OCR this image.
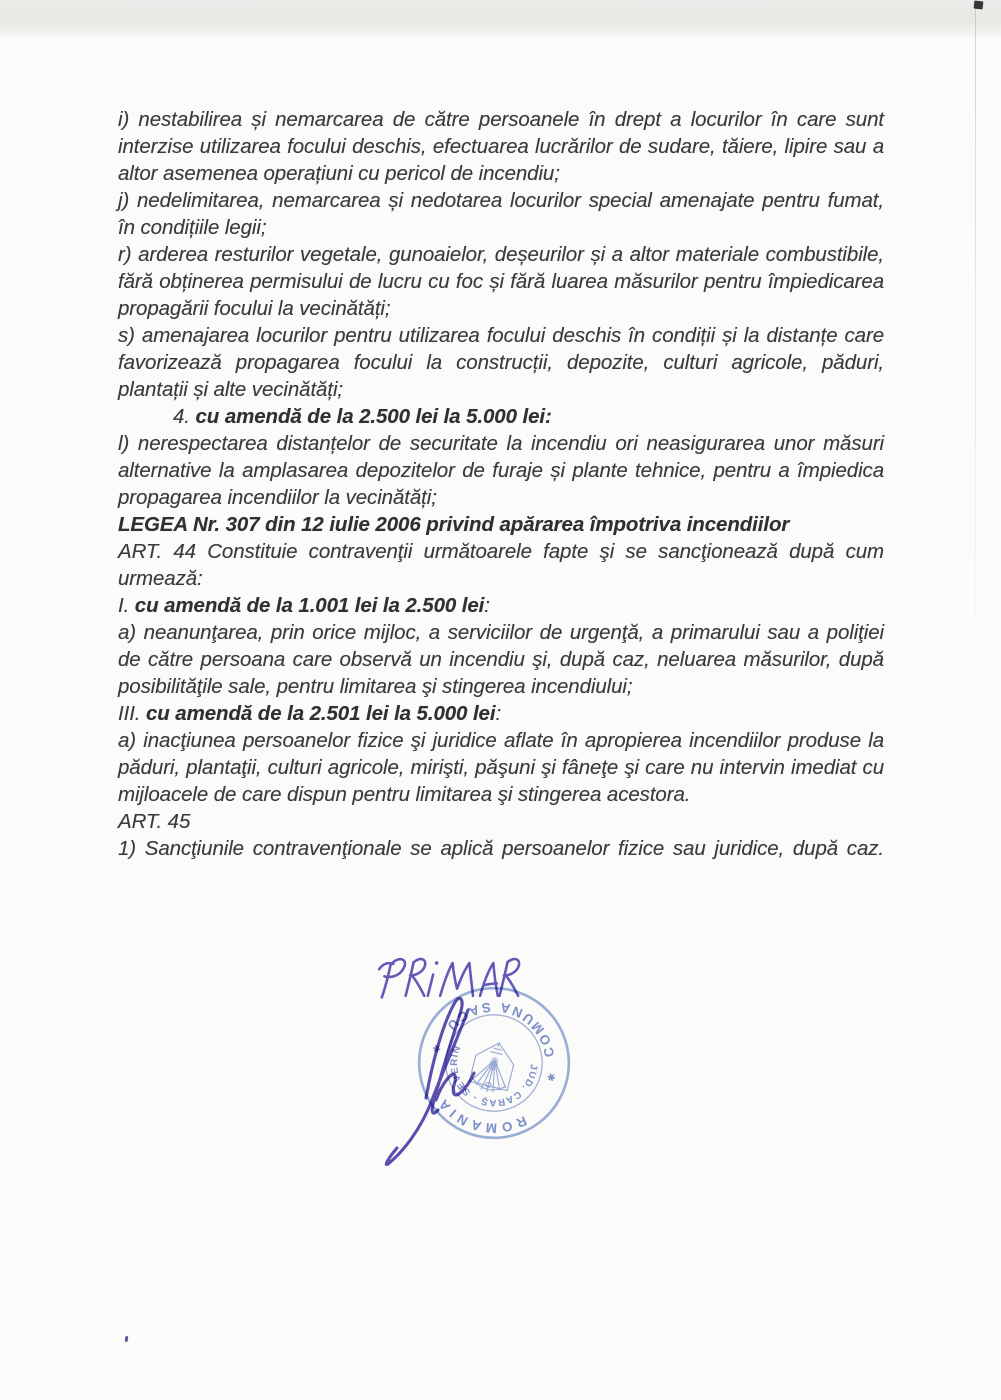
i) nestabilirea și nemarcarea de către persoanele în drept a locurilor în care sunt interzise utilizarea focului deschis, efectuarea lucrărilor de sudare, tăiere, lipire sau a altor asemenea operațiuni cu pericol de incendiu;

j) nedelimitarea, nemarcarea și nedotarea locurilor special amenajate pentru fumat, în condițiile legii;

r) arderea resturilor vegetale, gunoaielor, deșeurilor și a altor materiale combustibile, fără obținerea permisului de lucru cu foc și fără luarea măsurilor pentru împiedicarea propagării focului la vecinătăți;

s) amenajarea locurilor pentru utilizarea focului deschis în condiții și la distanțe care favorizează propagarea focului la construcții, depozite, culturi agricole, păduri, plantații și alte vecinătăți;

4. cu amendă de la 2.500 lei la 5.000 lei:

l) nerespectarea distanțelor de securitate la incendiu ori neasigurarea unor măsuri alternative la amplasarea depozitelor de furaje și plante tehnice, pentru a împiedica propagarea incendiilor la vecinătăți;

LEGEA Nr. 307 din 12 iulie 2006 privind apărarea împotriva incendiilor

ART. 44 Constituie contravenţii următoarele fapte şi se sancţionează după cum urmează:

I. cu amendă de la 1.001 lei la 2.500 lei:

a) neanunţarea, prin orice mijloc, a serviciilor de urgenţă, a primarului sau a poliţiei de către persoana care observă un incendiu şi, după caz, neluarea măsurilor, după posibilităţile sale, pentru limitarea şi stingerea incendiului;

III. cu amendă de la 2.501 lei la 5.000 lei:

a) inacţiunea persoanelor fizice şi juridice aflate în apropierea incendiilor produse la păduri, plantaţii, culturi agricole, mirişti, păşuni şi fâneţe şi care nu intervin imediat cu mijloacele de care dispun pentru limitarea şi stingerea acestora.

ART. 45

1) Sancţiunile contravenţionale se aplică persoanelor fizice sau juridice, după caz.

ROMANIA
COMUNA SACU
JUD. CARAŞ - SEVERIN
✱
✱
